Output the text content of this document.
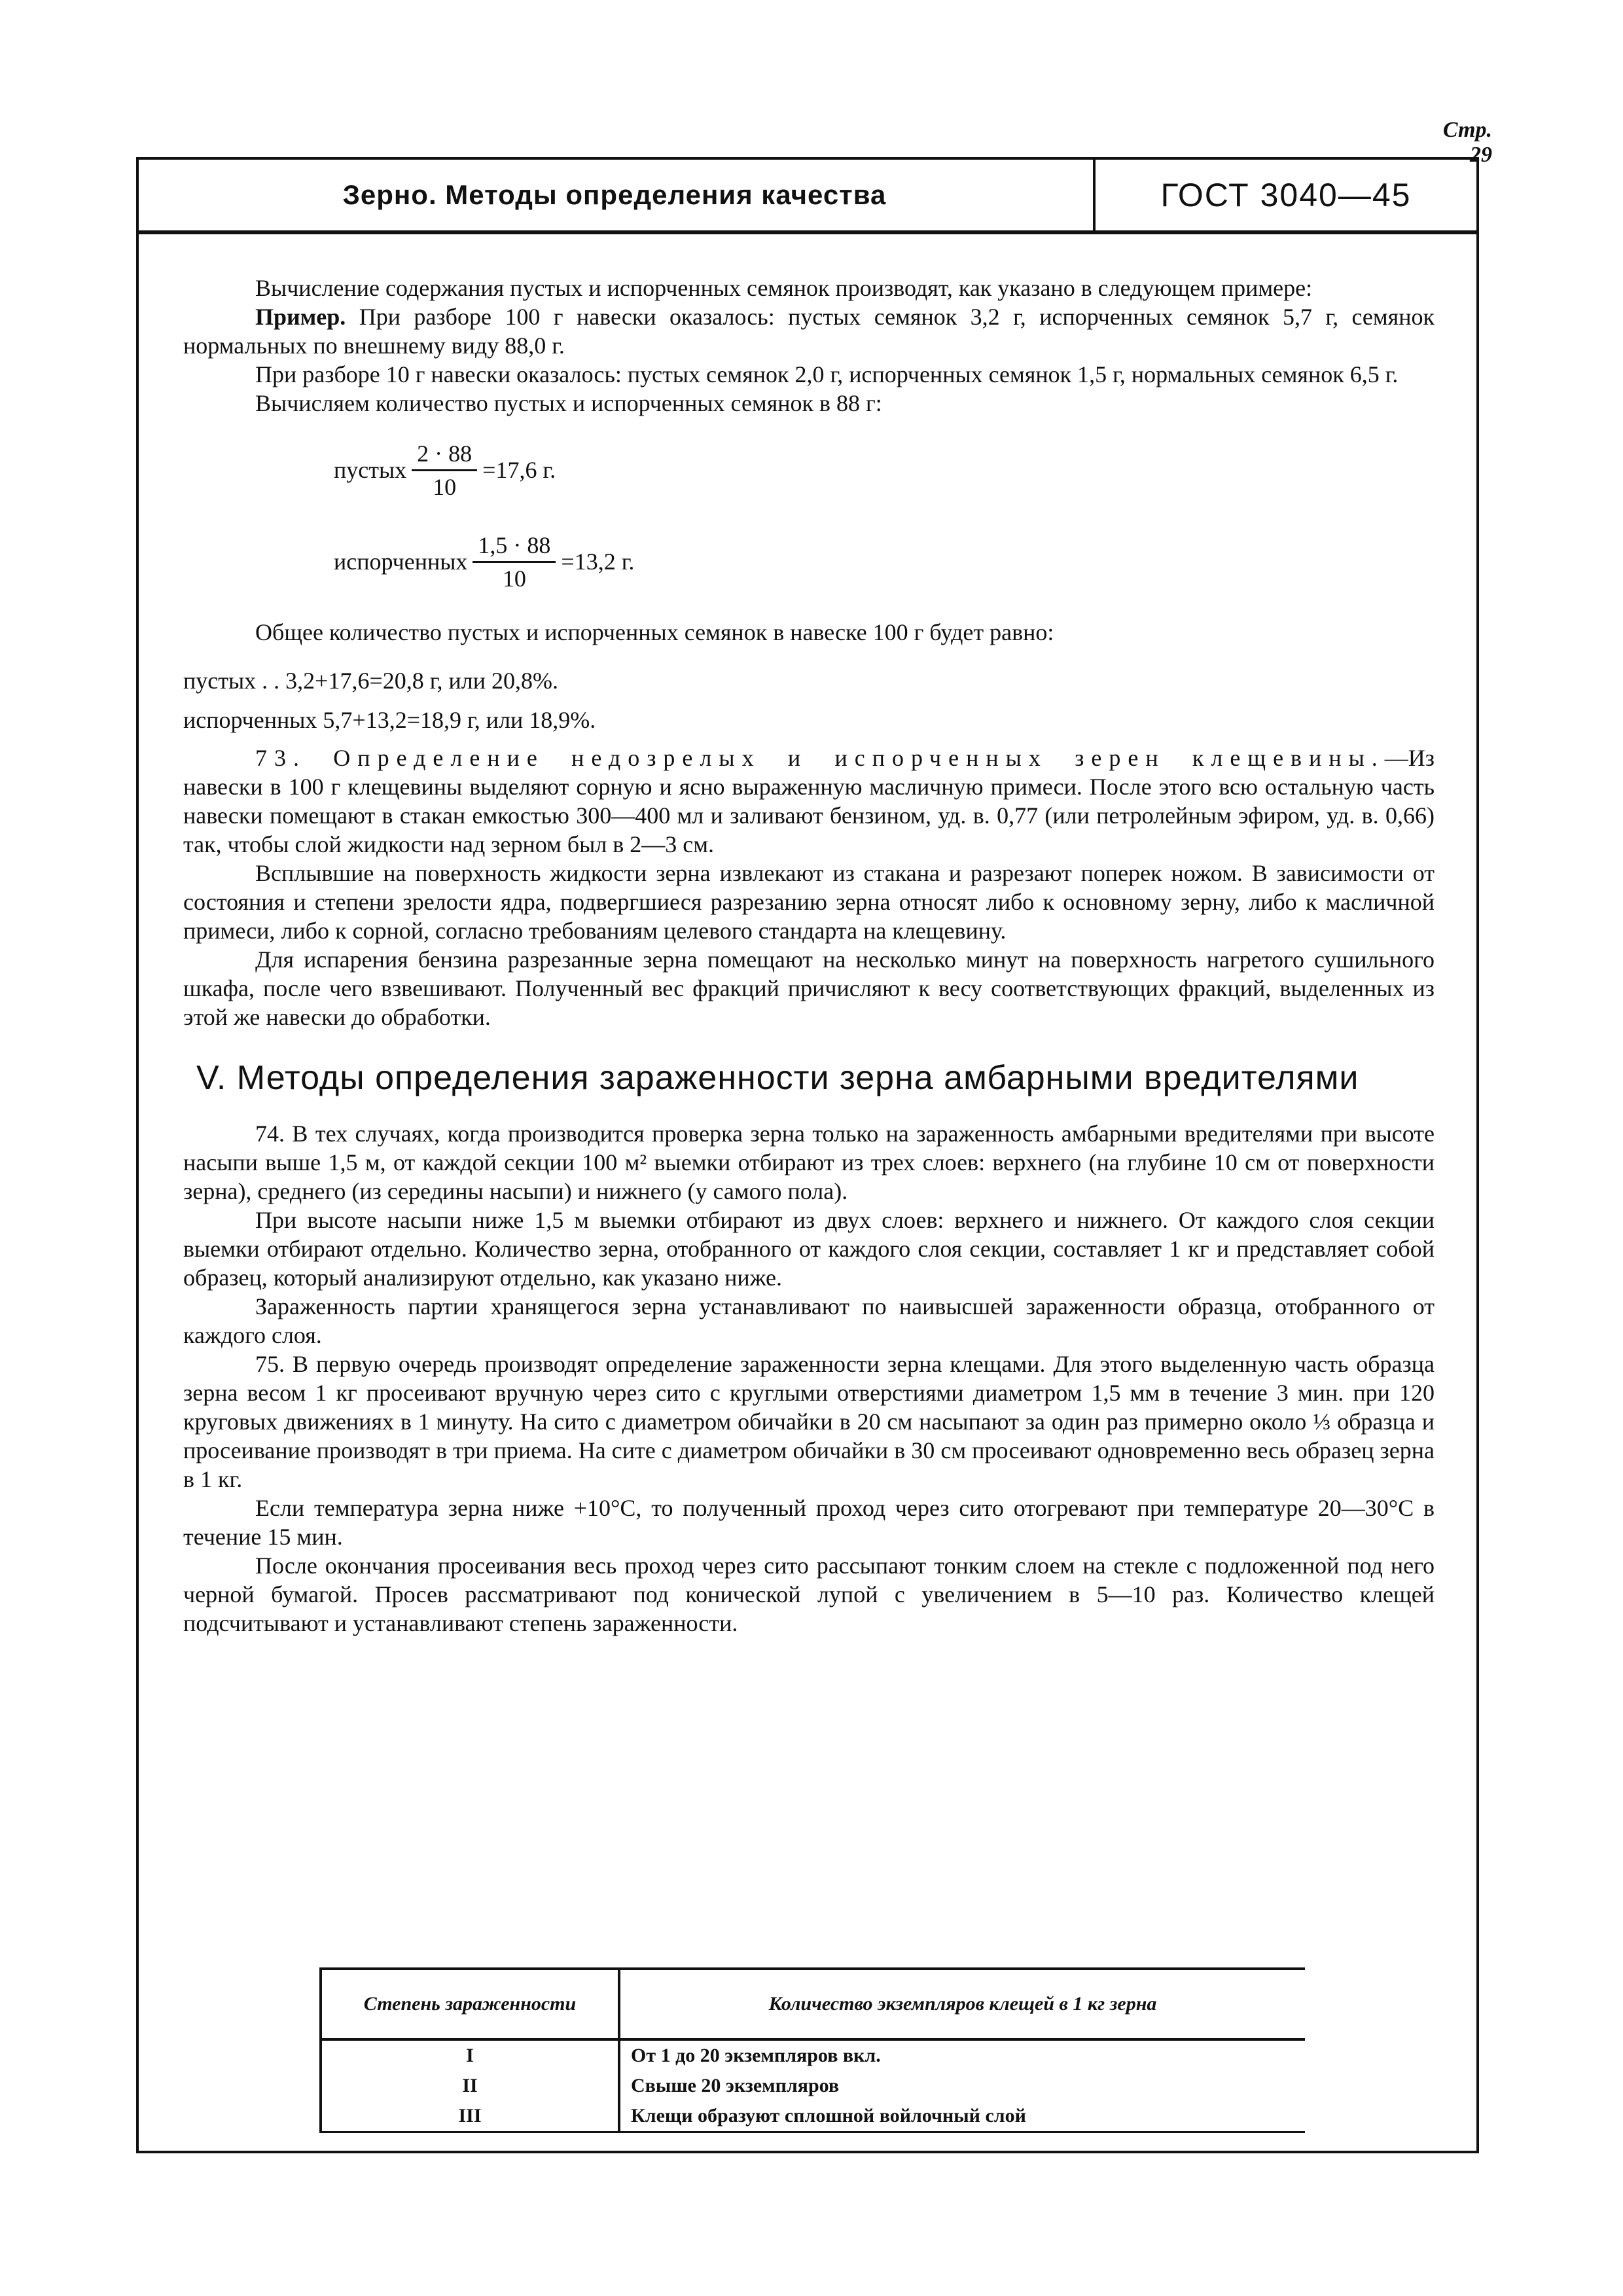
Стр. 29
Зерно. Методы определения качества	ГОСТ 3040—45

Вычисление содержания пустых и испорченных семянок производят, как указано в следующем примере:

Пример. При разборе 100 г навески оказалось: пустых семянок 3,2 г, испорченных семянок 5,7 г, семянок нормальных по внешнему виду 88,0 г.

При разборе 10 г навески оказалось: пустых семянок 2,0 г, испорченных семянок 1,5 г, нормальных семянок 6,5 г.

Вычисляем количество пустых и испорченных семянок в 88 г:

пустых $\frac{2 \cdot 88}{10} =17,6$ г.
испорченных $\frac{1,5 \cdot 88}{10} =13,2$ г.

Общее количество пустых и испорченных семянок в навеске 100 г будет равно:

пустых . . 3,2+17,6=20,8 г, или 20,8%.

испорченных 5,7+13,2=18,9 г, или 18,9%.

73. Определение недозрелых и испорченных зерен клещевины.—Из навески в 100 г клещевины выделяют сорную и ясно выраженную масличную примеси. После этого всю остальную часть навески помещают в стакан емкостью 300—400 мл и заливают бензином, уд. в. 0,77 (или петролейным эфиром, уд. в. 0,66) так, чтобы слой жидкости над зерном был в 2—3 см.

Всплывшие на поверхность жидкости зерна извлекают из стакана и разрезают поперек ножом. В зависимости от состояния и степени зрелости ядра, подвергшиеся разрезанию зерна относят либо к основному зерну, либо к масличной примеси, либо к сорной, согласно требованиям целевого стандарта на клещевину.

Для испарения бензина разрезанные зерна помещают на несколько минут на поверхность нагретого сушильного шкафа, после чего взвешивают. Полученный вес фракций причисляют к весу соответствующих фракций, выделенных из этой же навески до обработки.

V. Методы определения зараженности зерна амбарными вредителями

74. В тех случаях, когда производится проверка зерна только на зараженность амбарными вредителями при высоте насыпи выше 1,5 м, от каждой секции 100 м² выемки отбирают из трех слоев: верхнего (на глубине 10 см от поверхности зерна), среднего (из середины насыпи) и нижнего (у самого пола).

При высоте насыпи ниже 1,5 м выемки отбирают из двух слоев: верхнего и нижнего. От каждого слоя секции выемки отбирают отдельно. Количество зерна, отобранного от каждого слоя секции, составляет 1 кг и представляет собой образец, который анализируют отдельно, как указано ниже.

Зараженность партии хранящегося зерна устанавливают по наивысшей зараженности образца, отобранного от каждого слоя.

75. В первую очередь производят определение зараженности зерна клещами. Для этого выделенную часть образца зерна весом 1 кг просеивают вручную через сито с круглыми отверстиями диаметром 1,5 мм в течение 3 мин. при 120 круговых движениях в 1 минуту. На сито с диаметром обичайки в 20 см насыпают за один раз примерно около ⅓ образца и просеивание производят в три приема. На сите с диаметром обичайки в 30 см просеивают одновременно весь образец зерна в 1 кг.

Если температура зерна ниже +10°С, то полученный проход через сито отогревают при температуре 20—30°С в течение 15 мин.

После окончания просеивания весь проход через сито рассыпают тонким слоем на стекле с подложенной под него черной бумагой. Просев рассматривают под конической лупой с увеличением в 5—10 раз. Количество клещей подсчитывают и устанавливают степень зараженности.

Степень зараженности	Количество экземпляров клещей в 1 кг зерна
I	От 1 до 20 экземпляров вкл.
II	Свыше 20 экземпляров
III	Клещи образуют сплошной войлочный слой
